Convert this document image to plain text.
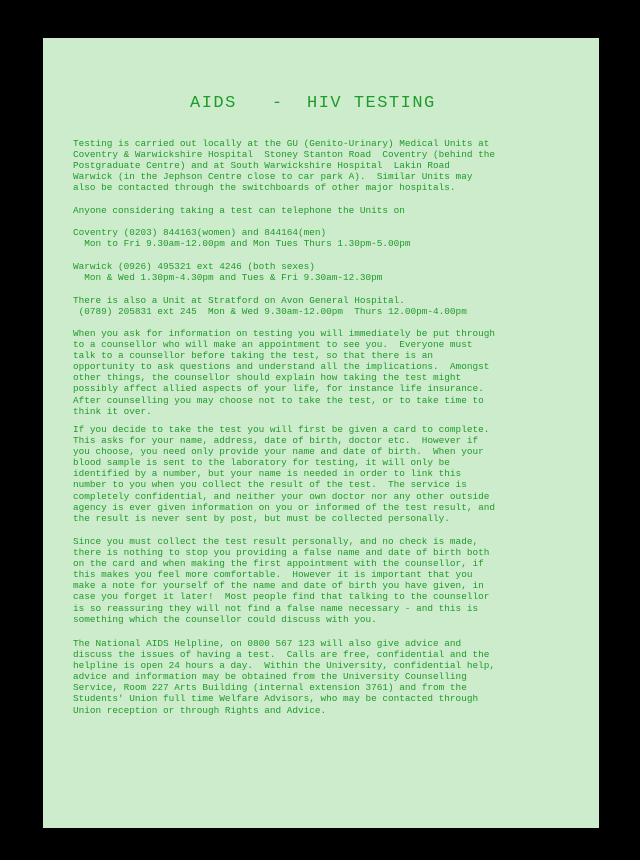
AIDS   -  HIV TESTING

Testing is carried out locally at the GU (Genito-Urinary) Medical Units at
Coventry & Warwickshire Hospital  Stoney Stanton Road  Coventry (behind the
Postgraduate Centre) and at South Warwickshire Hospital  Lakin Road
Warwick (in the Jephson Centre close to car park A).  Similar Units may
also be contacted through the switchboards of other major hospitals.

Anyone considering taking a test can telephone the Units on

Coventry (0203) 844163(women) and 844164(men)
Mon to Fri 9.30am-12.00pm and Mon Tues Thurs 1.30pm-5.00pm

Warwick (0926) 495321 ext 4246 (both sexes)
Mon & Wed 1.30pm-4.30pm and Tues & Fri 9.30am-12.30pm

There is also a Unit at Stratford on Avon General Hospital.
(0789) 205831 ext 245  Mon & Wed 9.30am-12.00pm  Thurs 12.00pm-4.00pm

When you ask for information on testing you will immediately be put through
to a counsellor who will make an appointment to see you.  Everyone must
talk to a counsellor before taking the test, so that there is an
opportunity to ask questions and understand all the implications.  Amongst
other things, the counsellor should explain how taking the test might
possibly affect allied aspects of your life, for instance life insurance.
After counselling you may choose not to take the test, or to take time to
think it over.

If you decide to take the test you will first be given a card to complete.
This asks for your name, address, date of birth, doctor etc.  However if
you choose, you need only provide your name and date of birth.  When your
blood sample is sent to the laboratory for testing, it will only be
identified by a number, but your name is needed in order to link this
number to you when you collect the result of the test.  The service is
completely confidential, and neither your own doctor nor any other outside
agency is ever given information on you or informed of the test result, and
the result is never sent by post, but must be collected personally.

Since you must collect the test result personally, and no check is made,
there is nothing to stop you providing a false name and date of birth both
on the card and when making the first appointment with the counsellor, if
this makes you feel more comfortable.  However it is important that you
make a note for yourself of the name and date of birth you have given, in
case you forget it later!  Most people find that talking to the counsellor
is so reassuring they will not find a false name necessary - and this is
something which the counsellor could discuss with you.

The National AIDS Helpline, on 0800 567 123 will also give advice and
discuss the issues of having a test.  Calls are free, confidential and the
helpline is open 24 hours a day.  Within the University, confidential help,
advice and information may be obtained from the University Counselling
Service, Room 227 Arts Building (internal extension 3761) and from the
Students' Union full time Welfare Advisors, who may be contacted through
Union reception or through Rights and Advice.
